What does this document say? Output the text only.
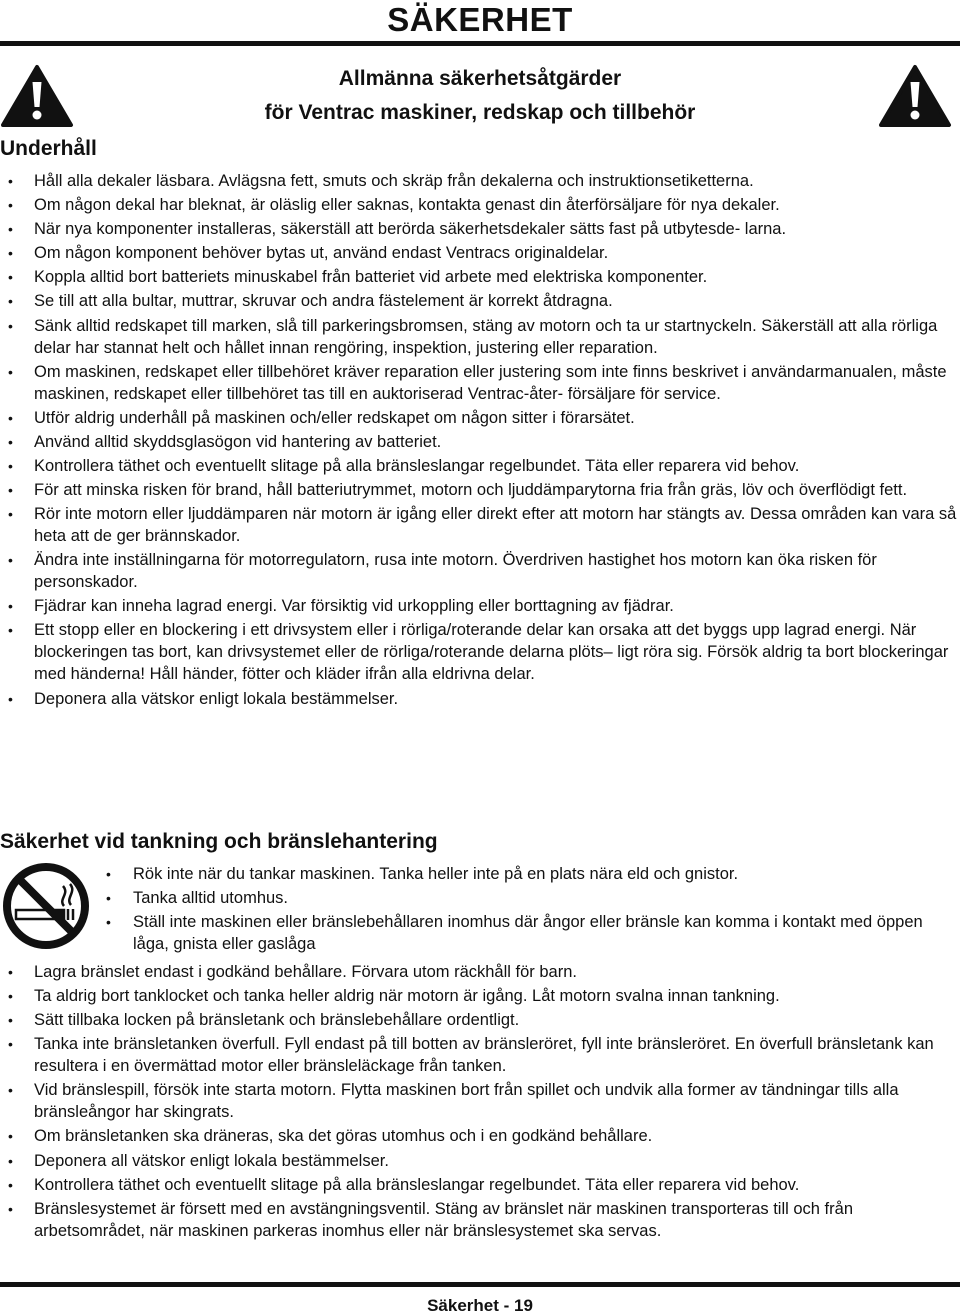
SÄKERHET
Allmänna säkerhetsåtgärder
för Ventrac maskiner, redskap och tillbehör
Underhåll
• Håll alla dekaler läsbara. Avlägsna fett, smuts och skräp från dekalerna och instruktionsetiketterna.
• Om någon dekal har bleknat, är oläslig eller saknas, kontakta genast din återförsäljare för nya dekaler.
• När nya komponenter installeras, säkerställ att berörda säkerhetsdekaler sätts fast på utbytesde- larna.
• Om någon komponent behöver bytas ut, använd endast Ventracs originaldelar.
• Koppla alltid bort batteriets minuskabel från batteriet vid arbete med elektriska komponenter.
• Se till att alla bultar, muttrar, skruvar och andra fästelement är korrekt åtdragna.
• Sänk alltid redskapet till marken, slå till parkeringsbromsen, stäng av motorn och ta ur startnyckeln. Säkerställ att alla rörliga delar har stannat helt och hållet innan rengöring, inspektion, justering eller reparation.
• Om maskinen, redskapet eller tillbehöret kräver reparation eller justering som inte finns beskrivet i användarmanualen, måste maskinen, redskapet eller tillbehöret tas till en auktoriserad Ventrac-åter- försäljare för service.
• Utför aldrig underhåll på maskinen och/eller redskapet om någon sitter i förarsätet.
• Använd alltid skyddsglasögon vid hantering av batteriet.
• Kontrollera täthet och eventuellt slitage på alla bränsleslangar regelbundet. Täta eller reparera vid behov.
• För att minska risken för brand, håll batteriutrymmet, motorn och ljuddämparytorna fria från gräs, löv och överflödigt fett.
• Rör inte motorn eller ljuddämparen när motorn är igång eller direkt efter att motorn har stängts av. Dessa områden kan vara så heta att de ger brännskador.
• Ändra inte inställningarna för motorregulatorn, rusa inte motorn. Överdriven hastighet hos motorn kan öka risken för personskador.
• Fjädrar kan inneha lagrad energi. Var försiktig vid urkoppling eller borttagning av fjädrar.
• Ett stopp eller en blockering i ett drivsystem eller i rörliga/roterande delar kan orsaka att det byggs upp lagrad energi. När blockeringen tas bort, kan drivsystemet eller de rörliga/roterande delarna plöts– ligt röra sig. Försök aldrig ta bort blockeringar med händerna! Håll händer, fötter och kläder ifrån alla eldrivna delar.
• Deponera alla vätskor enligt lokala bestämmelser.
Säkerhet vid tankning och bränslehantering
• Rök inte när du tankar maskinen. Tanka heller inte på en plats nära eld och gnistor.
• Tanka alltid utomhus.
• Ställ inte maskinen eller bränslebehållaren inomhus där ångor eller bränsle kan komma i kontakt med öppen låga, gnista eller gaslåga
• Lagra bränslet endast i godkänd behållare. Förvara utom räckhåll för barn.
• Ta aldrig bort tanklocket och tanka heller aldrig när motorn är igång. Låt motorn svalna innan tankning.
• Sätt tillbaka locken på bränsletank och bränslebehållare ordentligt.
• Tanka inte bränsletanken överfull. Fyll endast på till botten av bränsleröret, fyll inte bränsleröret. En överfull bränsletank kan resultera i en övermättad motor eller bränsleläckage från tanken.
• Vid bränslespill, försök inte starta motorn. Flytta maskinen bort från spillet och undvik alla former av tändningar tills alla bränsleångor har skingrats.
• Om bränsletanken ska dräneras, ska det göras utomhus och i en godkänd behållare.
• Deponera all vätskor enligt lokala bestämmelser.
• Kontrollera täthet och eventuellt slitage på alla bränsleslangar regelbundet. Täta eller reparera vid behov.
• Bränslesystemet är försett med en avstängningsventil. Stäng av bränslet när maskinen transporteras till och från arbetsområdet, när maskinen parkeras inomhus eller när bränslesystemet ska servas.
Säkerhet - 19
